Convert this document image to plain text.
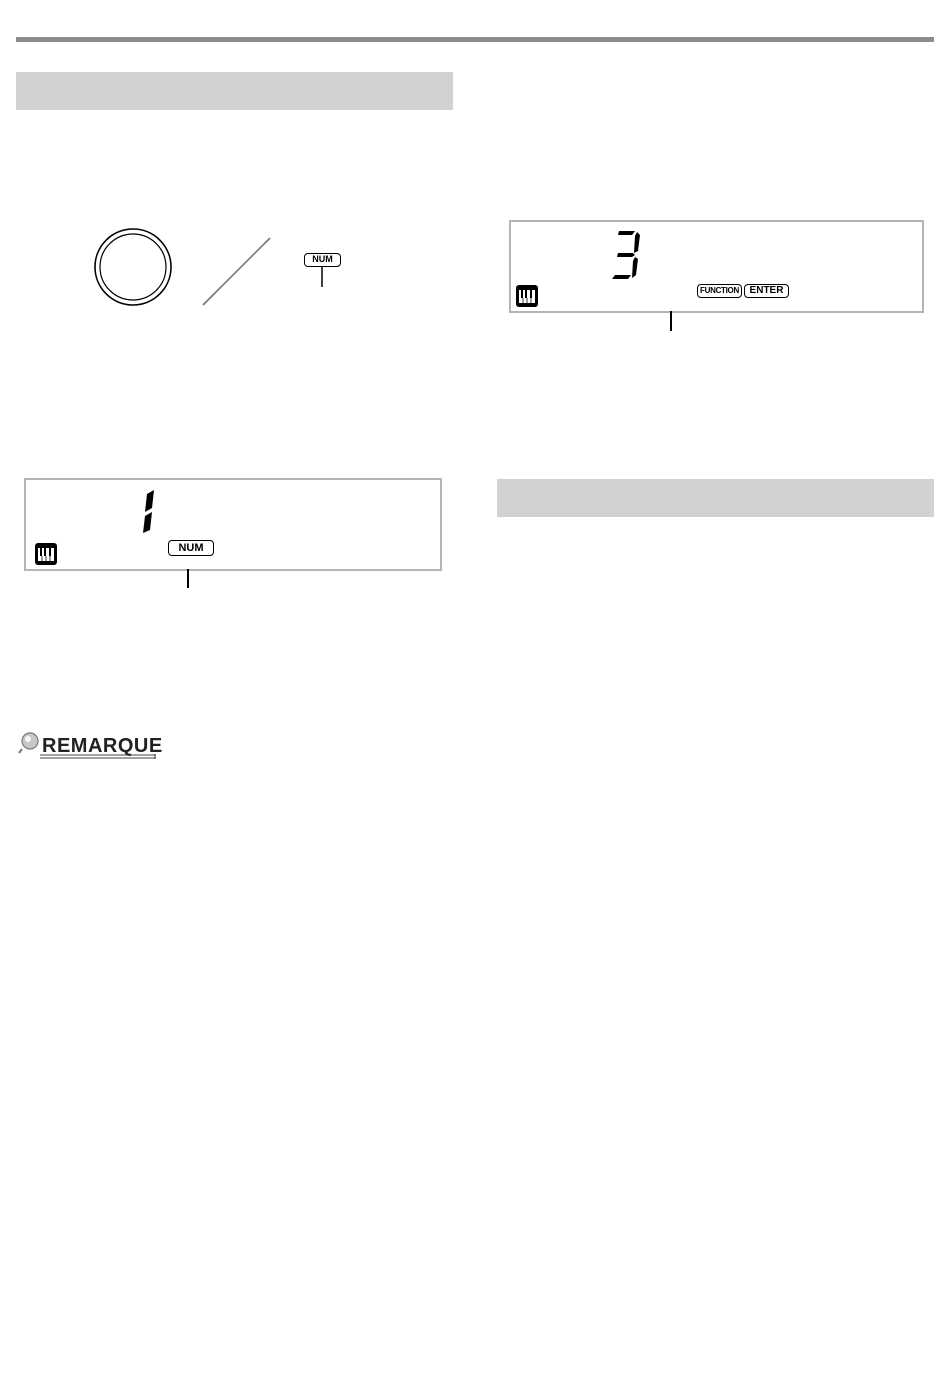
NUM
NUM
REMARQUE
FUNCTION	ENTER
